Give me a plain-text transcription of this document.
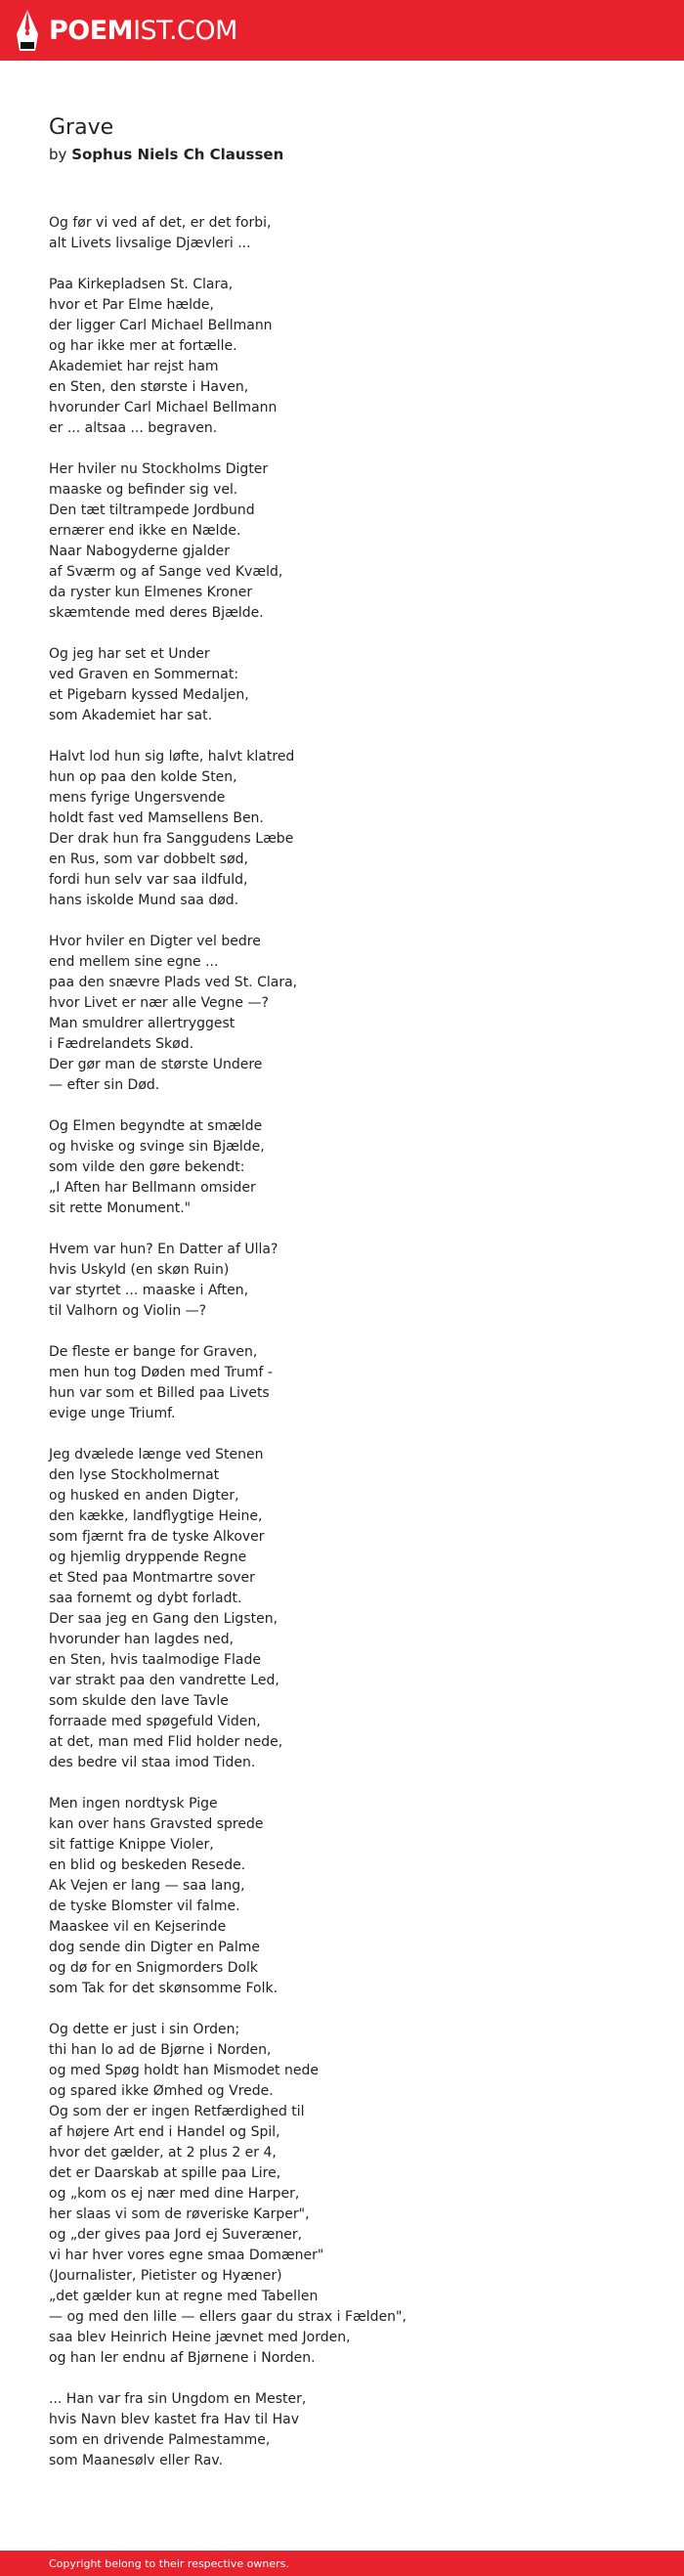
POEMIST.COM
Grave
by Sophus Niels Ch Claussen
Og før vi ved af det, er det forbi,
alt Livets livsalige Djævleri ...
Paa Kirkepladsen St. Clara,
hvor et Par Elme hælde,
der ligger Carl Michael Bellmann
og har ikke mer at fortælle.
Akademiet har rejst ham
en Sten, den største i Haven,
hvorunder Carl Michael Bellmann
er ... altsaa ... begraven.
Her hviler nu Stockholms Digter
maaske og befinder sig vel.
Den tæt tiltrampede Jordbund
ernærer end ikke en Nælde.
Naar Nabogyderne gjalder
af Sværm og af Sange ved Kvæld,
da ryster kun Elmenes Kroner
skæmtende med deres Bjælde.
Og jeg har set et Under
ved Graven en Sommernat:
et Pigebarn kyssed Medaljen,
som Akademiet har sat.
Halvt lod hun sig løfte, halvt klatred
hun op paa den kolde Sten,
mens fyrige Ungersvende
holdt fast ved Mamsellens Ben.
Der drak hun fra Sanggudens Læbe
en Rus, som var dobbelt sød,
fordi hun selv var saa ildfuld,
hans iskolde Mund saa død.
Hvor hviler en Digter vel bedre
end mellem sine egne ...
paa den snævre Plads ved St. Clara,
hvor Livet er nær alle Vegne —?
Man smuldrer allertryggest
i Fædrelandets Skød.
Der gør man de største Undere
— efter sin Død.
Og Elmen begyndte at smælde
og hviske og svinge sin Bjælde,
som vilde den gøre bekendt:
„I Aften har Bellmann omsider
sit rette Monument."
Hvem var hun? En Datter af Ulla?
hvis Uskyld (en skøn Ruin)
var styrtet ... maaske i Aften,
til Valhorn og Violin —?
De fleste er bange for Graven,
men hun tog Døden med Trumf -
hun var som et Billed paa Livets
evige unge Triumf.
Jeg dvælede længe ved Stenen
den lyse Stockholmernat
og husked en anden Digter,
den kække, landflygtige Heine,
som fjærnt fra de tyske Alkover
og hjemlig dryppende Regne
et Sted paa Montmartre sover
saa fornemt og dybt forladt.
Der saa jeg en Gang den Ligsten,
hvorunder han lagdes ned,
en Sten, hvis taalmodige Flade
var strakt paa den vandrette Led,
som skulde den lave Tavle
forraade med spøgefuld Viden,
at det, man med Flid holder nede,
des bedre vil staa imod Tiden.
Men ingen nordtysk Pige
kan over hans Gravsted sprede
sit fattige Knippe Violer,
en blid og beskeden Resede.
Ak Vejen er lang — saa lang,
de tyske Blomster vil falme.
Maaskee vil en Kejserinde
dog sende din Digter en Palme
og dø for en Snigmorders Dolk
som Tak for det skønsomme Folk.
Og dette er just i sin Orden;
thi han lo ad de Bjørne i Norden,
og med Spøg holdt han Mismodet nede
og spared ikke Ømhed og Vrede.
Og som der er ingen Retfærdighed til
af højere Art end i Handel og Spil,
hvor det gælder, at 2 plus 2 er 4,
det er Daarskab at spille paa Lire,
og „kom os ej nær med dine Harper,
her slaas vi som de røveriske Karper",
og „der gives paa Jord ej Suveræner,
vi har hver vores egne smaa Domæner"
(Journalister, Pietister og Hyæner)
„det gælder kun at regne med Tabellen
— og med den lille — ellers gaar du strax i Fælden",
saa blev Heinrich Heine jævnet med Jorden,
og han ler endnu af Bjørnene i Norden.
... Han var fra sin Ungdom en Mester,
hvis Navn blev kastet fra Hav til Hav
som en drivende Palmestamme,
som Maanesølv eller Rav.
Copyright belong to their respective owners.
